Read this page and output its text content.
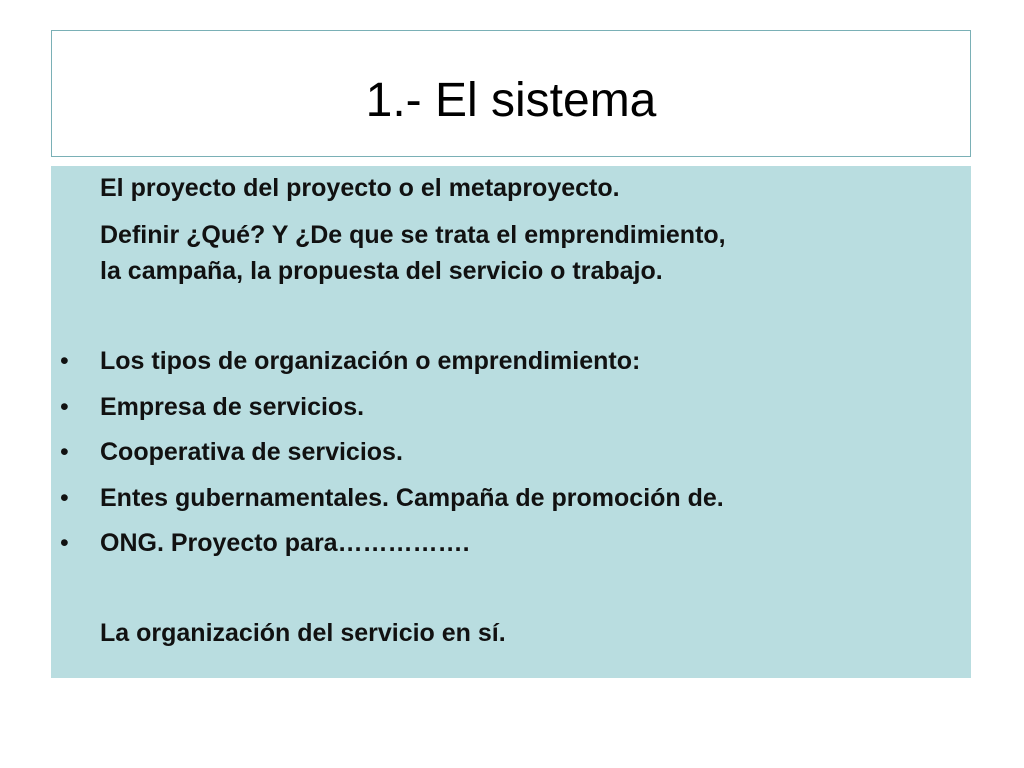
1.- El sistema
El proyecto del proyecto o el metaproyecto.
Definir ¿Qué? Y ¿De que se trata el emprendimiento,
la campaña, la propuesta del servicio o trabajo.
•	Los tipos de organización o emprendimiento:
•	Empresa de servicios.
•	Cooperativa de servicios.
•	Entes gubernamentales. Campaña de promoción de.
•	ONG. Proyecto para…………….
La organización del servicio en sí.
